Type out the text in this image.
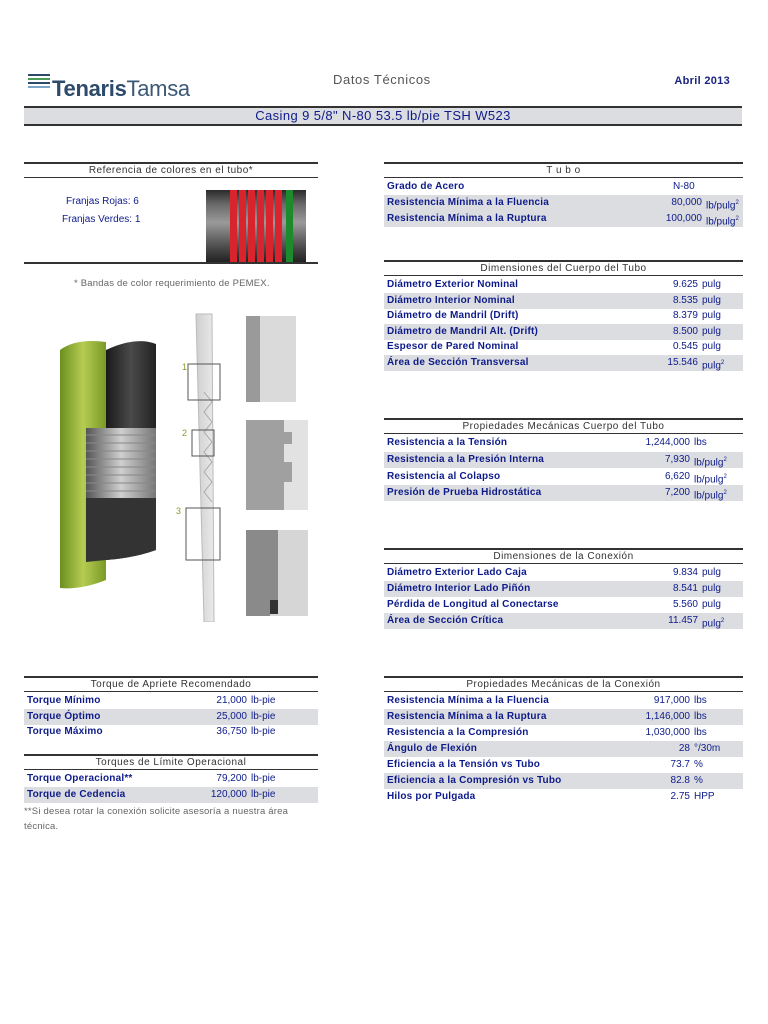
TenarisTamsa	Datos Técnicos	Abril 2013
Casing 9 5/8" N-80 53.5 lb/pie TSH W523
Referencia de colores en el tubo*
Franjas Rojas: 6
Franjas Verdes: 1
* Bandas de color requerimiento de PEMEX.
1
2
3
**Si desea rotar la conexión solicite asesoría a nuestra área técnica.
T u b o
Grado de Acero	N-80
Resistencia Mínima a la Fluencia	80,000 lb/pulg$^2$
Resistencia Mínima a la Ruptura	100,000 lb/pulg$^2$
Dimensiones del Cuerpo del Tubo
Diámetro Exterior Nominal	9.625 pulg
Diámetro Interior Nominal	8.535 pulg
Diámetro de Mandril (Drift)	8.379 pulg
Diámetro de Mandril Alt. (Drift)	8.500 pulg
Espesor de Pared Nominal	0.545 pulg
Área de Sección Transversal	15.546 pulg$^2$
Propiedades Mecánicas Cuerpo del Tubo
Resistencia a la Tensión	1,244,000 lbs
Resistencia a la Presión Interna	7,930 lb/pulg$^2$
Resistencia al Colapso	6,620 lb/pulg$^2$
Presión de Prueba Hidrostática	7,200 lb/pulg$^2$
Dimensiones de la Conexión
Diámetro Exterior Lado Caja	9.834 pulg
Diámetro Interior Lado Piñón	8.541 pulg
Pérdida de Longitud al Conectarse	5.560 pulg
Área de Sección Crítica	11.457 pulg$^2$
Propiedades Mecánicas de la Conexión
Resistencia Mínima a la Fluencia	917,000 lbs
Resistencia Mínima a la Ruptura	1,146,000 lbs
Resistencia a la Compresión	1,030,000 lbs
Ángulo de Flexión	28 °/30m
Eficiencia a la Tensión vs Tubo	73.7 %
Eficiencia a la Compresión vs Tubo	82.8 %
Hilos por Pulgada	2.75 HPP
Torque de Apriete Recomendado
Torque Mínimo	21,000 lb-pie
Torque Óptimo	25,000 lb-pie
Torque Máximo	36,750 lb-pie
Torques de Límite Operacional
Torque Operacional**	79,200 lb-pie
Torque de Cedencia	120,000 lb-pie
